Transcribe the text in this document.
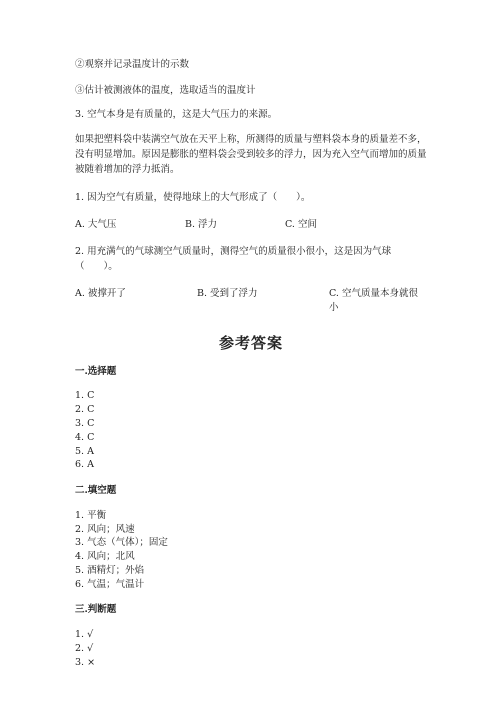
②观察并记录温度计的示数

③估计被测液体的温度，选取适当的温度计

3. 空气本身是有质量的，这是大气压力的来源。

如果把塑料袋中装满空气放在天平上称，所测得的质量与塑料袋本身的质量差不多，没有明显增加。原因是膨胀的塑料袋会受到较多的浮力，因为充入空气而增加的质量被随着增加的浮力抵消。

1. 因为空气有质量，使得地球上的大气形成了（　　）。

A. 大气压	B. 浮力	C. 空间

2. 用充满气的气球测空气质量时，测得空气的质量很小很小，这是因为气球（　　）。

A. 被撑开了	B. 受到了浮力	C. 空气质量本身就很小

参考答案

一.选择题

1. C

2. C

3. C

4. C

5. A

6. A

二.填空题

1. 平衡

2. 风向；风速

3. 气态（气体）；固定

4. 风向；北风

5. 酒精灯；外焰

6. 气温；气温计

三.判断题

1. √

2. √

3. ×
